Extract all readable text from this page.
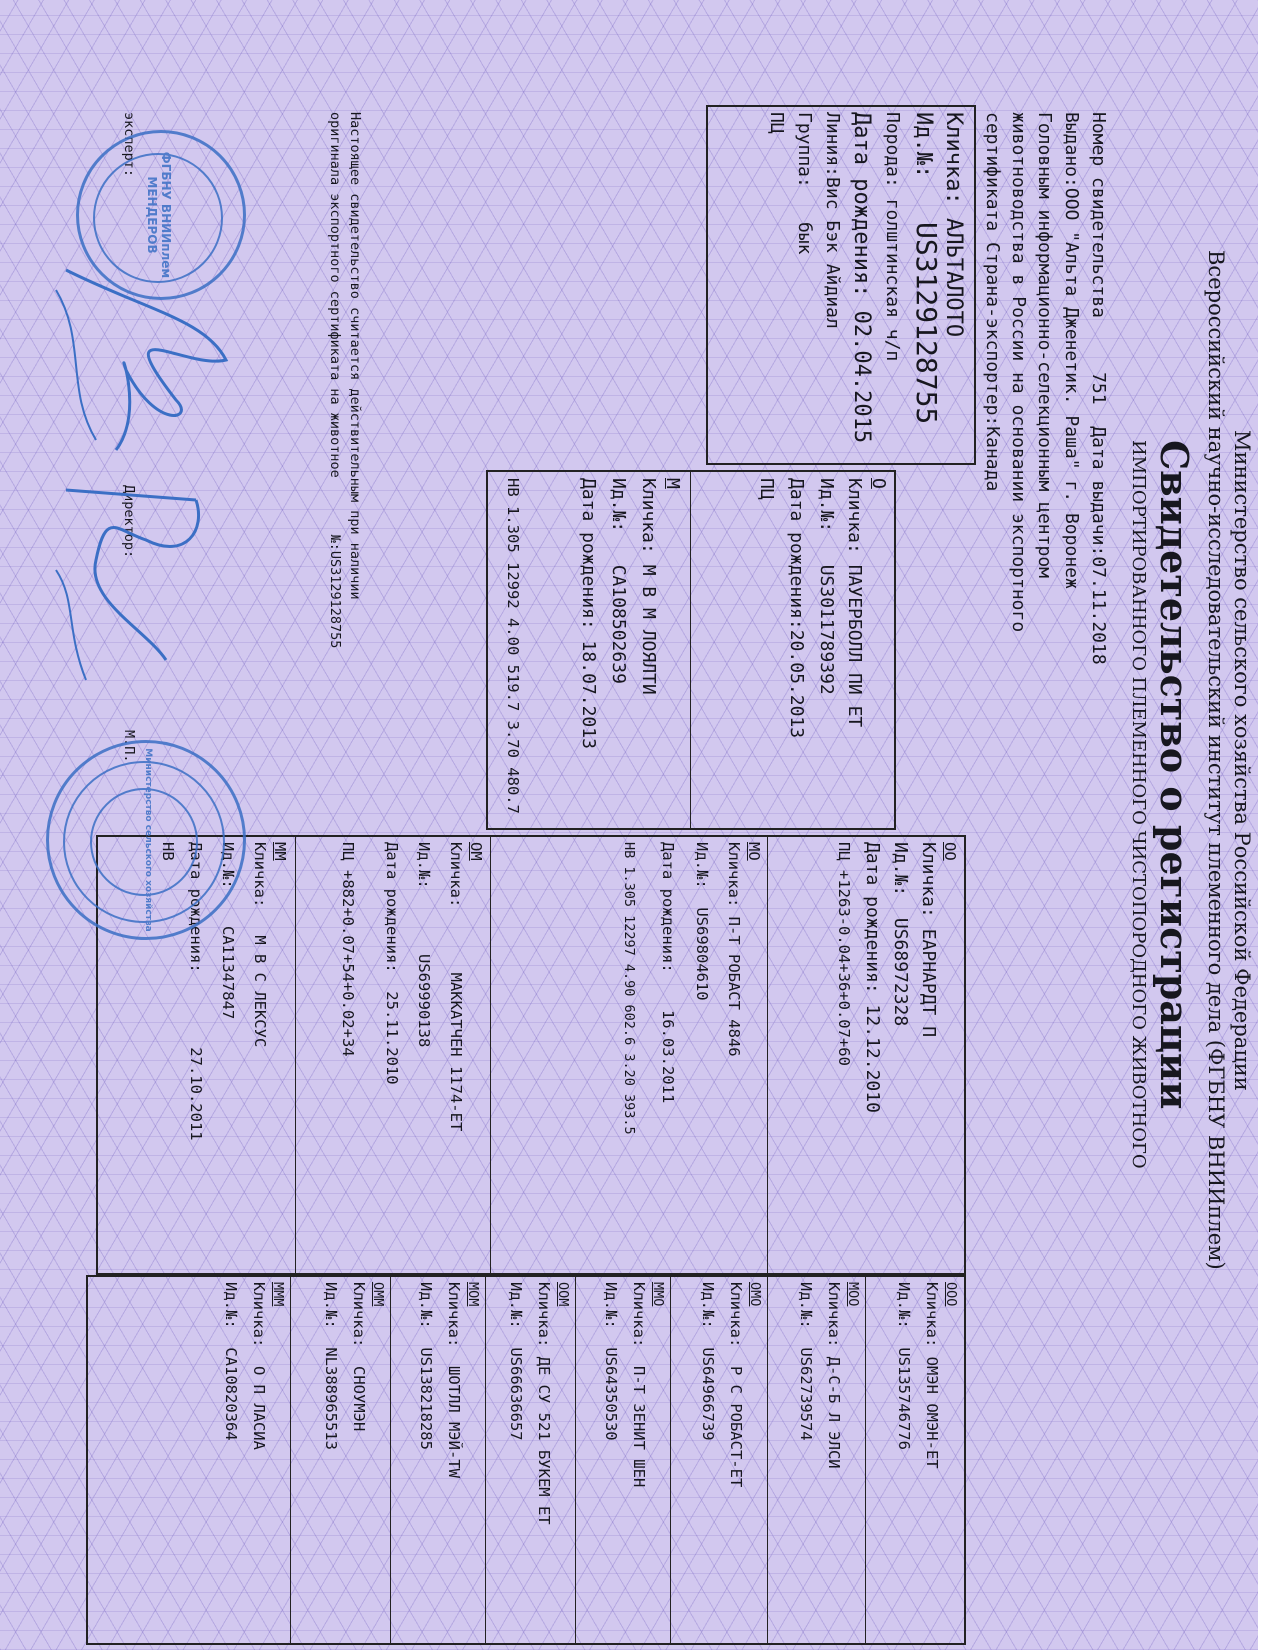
Министерство сельского хозяйства Российской Федерации
Всероссийский научно-исследовательский институт племенного дела (ФГБНУ ВНИИплем)
Свидетельство о регистрации
ИМПОРТИРОВАННОГО ПЛЕМЕННОГО ЧИСТОПОРОДНОГО ЖИВОТНОГО
Номер свидетельства     751  Дата выдачи:07.11.2018
Выдано:ООО "Альта Дженетик. Раша" г. Воронеж
Головным информационно-селекционным центром
животноводства в России на основании экспортного
сертификата Страна-экспортер:Канада
Кличка: АЛЬТАЛОТО
Ид.№:
US3129128755
Порода: голштинская ч/п
Дата рождения: 02.04.2015
Линия:Вис Бэк Айдиал
Группа:
бык
ПЦ
О
Кличка: ПАУЕРБОЛЛ ПИ ЕТ
Ид.№:   US3011789392
Дата рождения:20.05.2013
ПЦ
М
Кличка: М В М ЛОЯЛТИ
Ид.№:   CA108502639
Дата рождения: 18.07.2013
НВ 1.305 12992 4.00 519.7 3.70 480.7
ОО
Кличка: ЕАРНАРДТ П
Ид.№:  US68972328
Дата рождения: 12.12.2010
ПЦ +1263-0.04+36+0.07+60
МО
Кличка: П-Т РОБАСТ 4846
Ид.№:  US69804610
Дата рождения:    16.03.2011
НВ 1.305 12297 4.90 602.6 3.20 393.5
ОМ
Кличка:       МАККАТЧЕН 1174-ЕТ
Ид.№:       US69990138
Дата рождения:  25.11.2010
ПЦ +882+0.07+54+0.02+34
ММ
Кличка:   М В С ЛЕКСУС
Ид.№:    CA11347847
Дата рождения:        27.10.2011
НВ
ООО
Кличка: ОМЭН ОМЭН-ЕТ
Ид.№:  US135746776
МОО
Кличка: Д-С-Б Л ЭЛСИ
Ид.№:  US62739574
ОМО
Кличка:  Р С РОБАСТ-ЕТ
Ид.№:  US64966739
ММО
Кличка:  П-Т ЗЕНИТ ШЕН
Ид.№:  US64350530
ООМ
Кличка: ДЕ СУ 521 БУКЕМ ЕТ
Ид.№:  US66636657
МОМ
Кличка:  ШОТЛЛ МЭЙ-ТW
Ид.№:  US138218285
ОММ
Кличка:  СНОУМЭН
Ид.№:  NL388965513
МММ
Кличка:  О П ЛАСИА
Ид.№:  CA10820364
Настоящее свидетельство считается действительным при наличии
оригинала экспортного сертификата на животное       №:US3129128755
эксперт:
Директор:
М.П.
ФГБНУ ВНИИплем МЕНДЕРОВ
Министерство сельского хозяйства
